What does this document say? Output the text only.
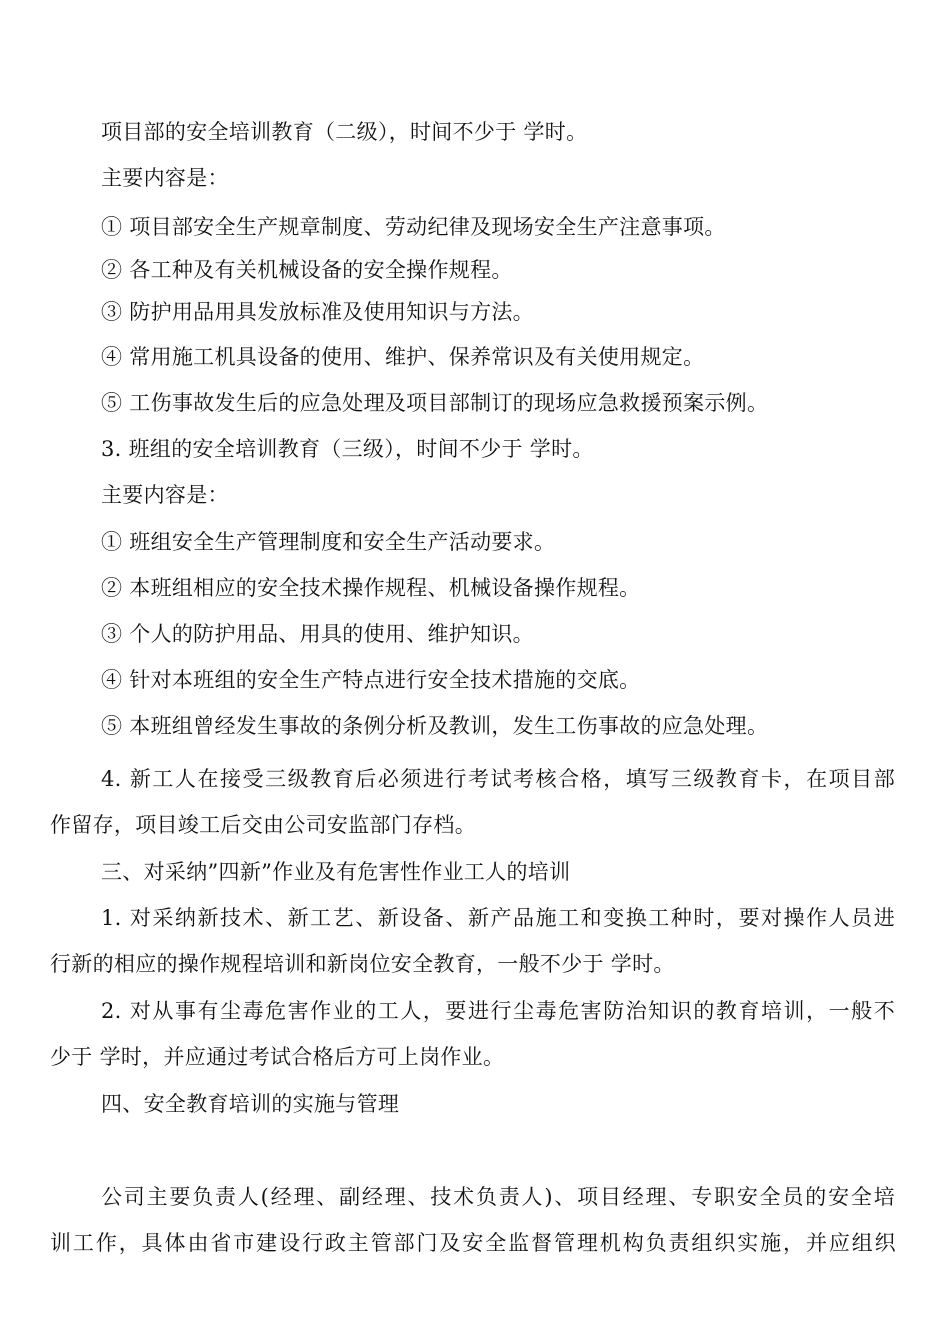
项目部的安全培训教育（二级），时间不少于 学时。
主要内容是：
① 项目部安全生产规章制度、劳动纪律及现场安全生产注意事项。
② 各工种及有关机械设备的安全操作规程。
③ 防护用品用具发放标准及使用知识与方法。
④ 常用施工机具设备的使用、维护、保养常识及有关使用规定。
⑤ 工伤事故发生后的应急处理及项目部制订的现场应急救援预案示例。
3. 班组的安全培训教育（三级），时间不少于 学时。
主要内容是：
① 班组安全生产管理制度和安全生产活动要求。
② 本班组相应的安全技术操作规程、机械设备操作规程。
③ 个人的防护用品、用具的使用、维护知识。
④ 针对本班组的安全生产特点进行安全技术措施的交底。
⑤ 本班组曾经发生事故的条例分析及教训，发生工伤事故的应急处理。
4. 新工人在接受三级教育后必须进行考试考核合格，填写三级教育卡，在项目部
作留存，项目竣工后交由公司安监部门存档。
三、对采纳”四新”作业及有危害性作业工人的培训
1. 对采纳新技术、新工艺、新设备、新产品施工和变换工种时，要对操作人员进
行新的相应的操作规程培训和新岗位安全教育，一般不少于 学时。
2. 对从事有尘毒危害作业的工人，要进行尘毒危害防治知识的教育培训，一般不
少于 学时，并应通过考试合格后方可上岗作业。
四、安全教育培训的实施与管理
公司主要负责人(经理、副经理、技术负责人)、项目经理、专职安全员的安全培
训工作，具体由省市建设行政主管部门及安全监督管理机构负责组织实施，并应组织
